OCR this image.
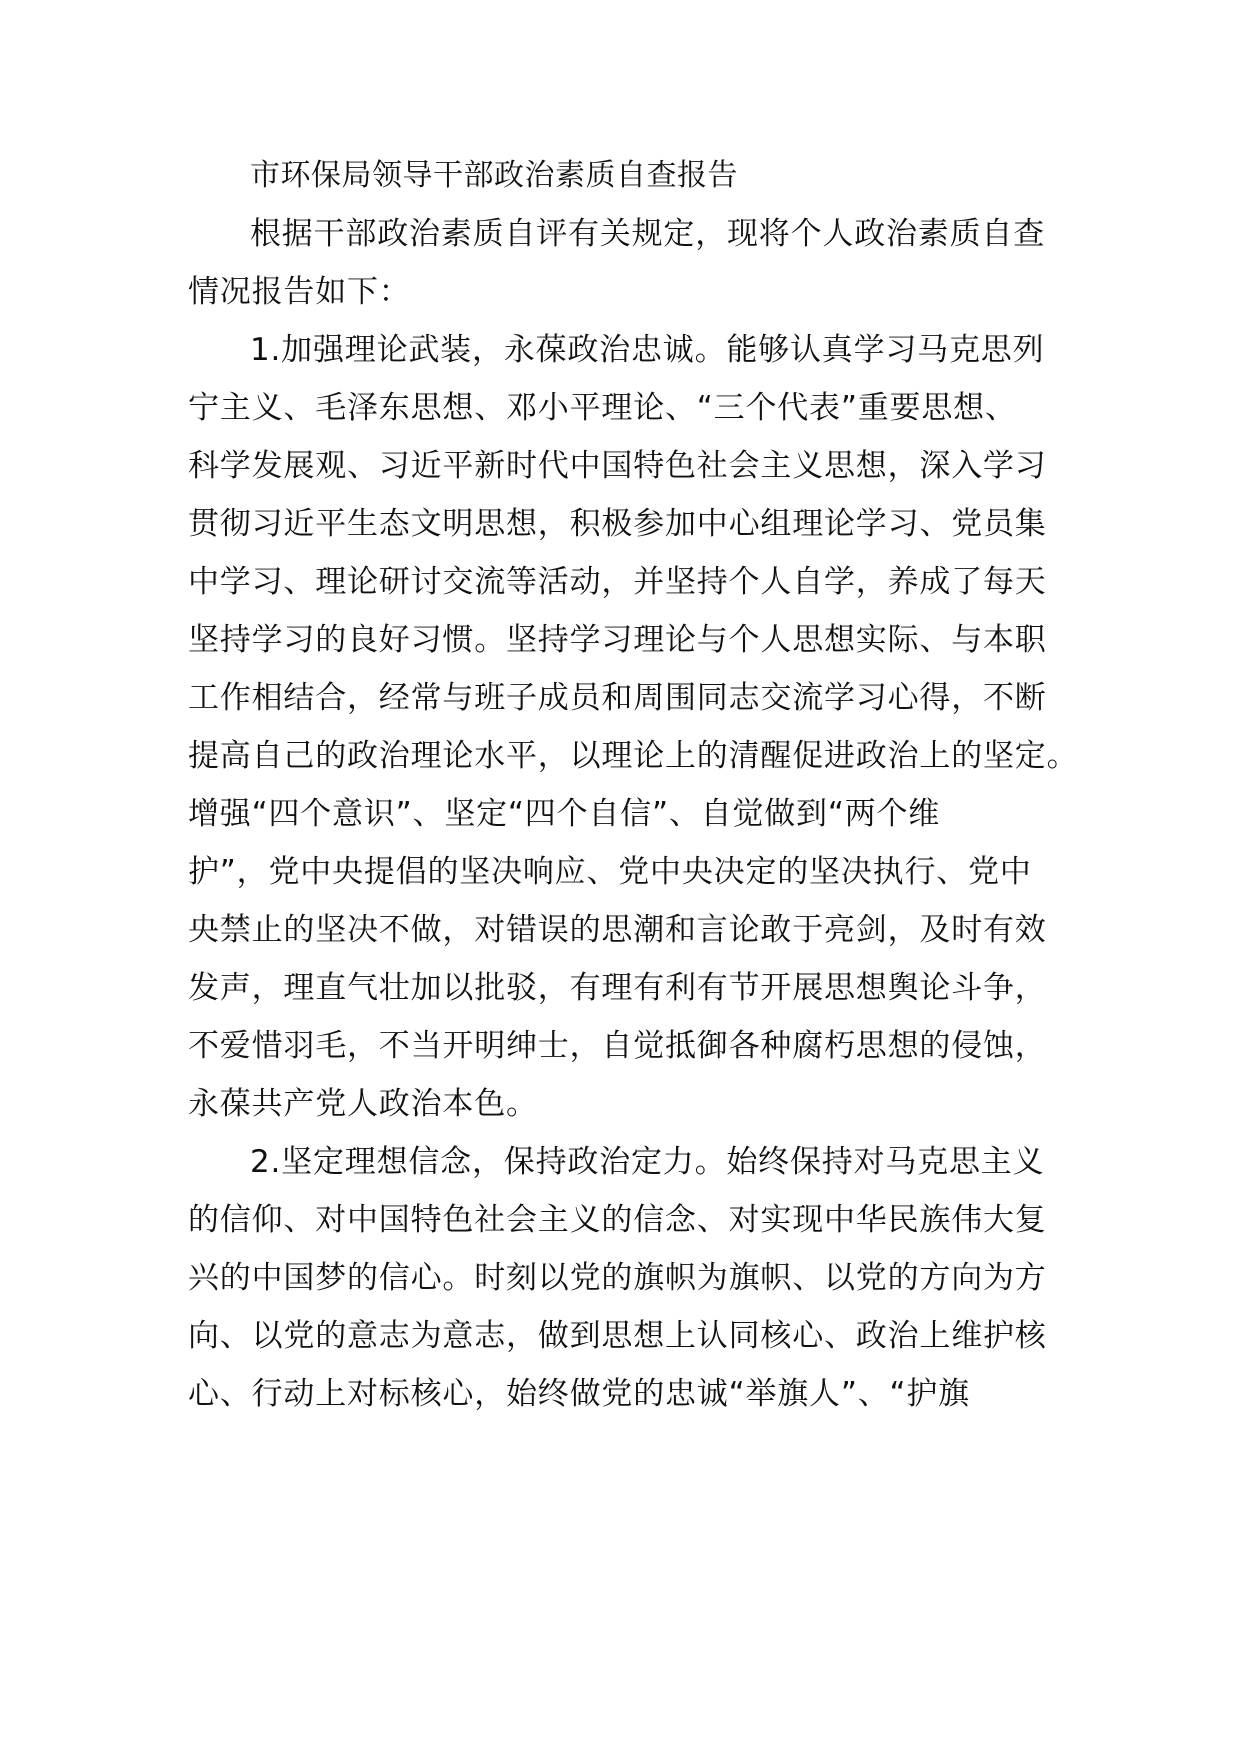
市环保局领导干部政治素质自查报告
根据干部政治素质自评有关规定，现将个人政治素质自查
情况报告如下：
1.加强理论武装，永葆政治忠诚。能够认真学习马克思列
宁主义、毛泽东思想、邓小平理论、“三个代表”重要思想、
科学发展观、习近平新时代中国特色社会主义思想，深入学习
贯彻习近平生态文明思想，积极参加中心组理论学习、党员集
中学习、理论研讨交流等活动，并坚持个人自学，养成了每天
坚持学习的良好习惯。坚持学习理论与个人思想实际、与本职
工作相结合，经常与班子成员和周围同志交流学习心得，不断
提高自己的政治理论水平，以理论上的清醒促进政治上的坚定。
增强“四个意识”、坚定“四个自信”、自觉做到“两个维
护”，党中央提倡的坚决响应、党中央决定的坚决执行、党中
央禁止的坚决不做，对错误的思潮和言论敢于亮剑，及时有效
发声，理直气壮加以批驳，有理有利有节开展思想舆论斗争，
不爱惜羽毛，不当开明绅士，自觉抵御各种腐朽思想的侵蚀，
永葆共产党人政治本色。
2.坚定理想信念，保持政治定力。始终保持对马克思主义
的信仰、对中国特色社会主义的信念、对实现中华民族伟大复
兴的中国梦的信心。时刻以党的旗帜为旗帜、以党的方向为方
向、以党的意志为意志，做到思想上认同核心、政治上维护核
心、行动上对标核心，始终做党的忠诚“举旗人”、“护旗
